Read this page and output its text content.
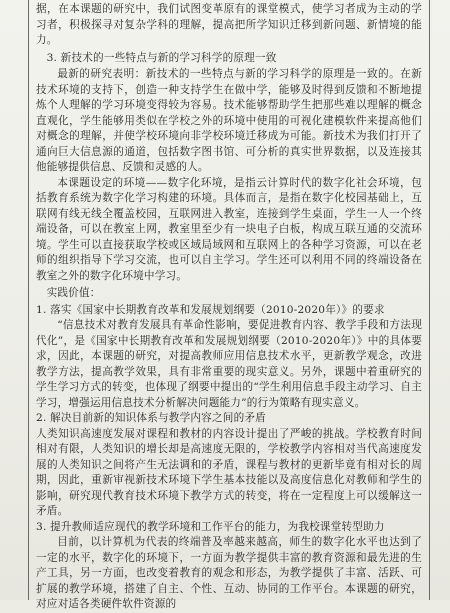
据，在本课题的研究中，我们试图变革原有的课堂模式，使学习者成为主动的学习者，积极探寻对复杂学科的理解，提高把所学知识迁移到新问题、新情境的能力。

3. 新技术的一些特点与新的学习科学的原理一致

最新的研究表明：新技术的一些特点与新的学习科学的原理是一致的。在新技术环境的支持下，创造一种支持学生在做中学，能够及时得到反馈和不断地提炼个人理解的学习环境变得较为容易。技术能够帮助学生把那些难以理解的概念直观化，学生能够用类似在学校之外的环境中使用的可视化建模软件来提高他们对概念的理解，并使学校环境向非学校环境迁移成为可能。新技术为我们打开了通向巨大信息源的通道，包括数字图书馆、可分析的真实世界数据，以及连接其他能够提供信息、反馈和灵感的人。

本课题设定的环境——数字化环境，是指云计算时代的数字化社会环境，包括教育系统为数字化学习构建的环境。具体而言，是指在数字化校园基础上，互联网有线无线全覆盖校园，互联网进入教室，连接到学生桌面，学生一人一个终端设备，可以在教室上网，教室里至少有一块电子白板，构成互联互通的交流环境。学生可以直接获取学校或区域局域网和互联网上的各种学习资源，可以在老师的组织指导下学习交流，也可以自主学习。学生还可以利用不同的终端设备在教室之外的数字化环境中学习。

实践价值：

1. 落实《国家中长期教育改革和发展规划纲要（2010-2020年）》的要求

“信息技术对教育发展具有革命性影响，要促进教育内容、教学手段和方法现代化”，是《国家中长期教育改革和发展规划纲要（2010-2020年）》中的具体要求，因此，本课题的研究，对提高教师应用信息技术水平，更新教学观念，改进教学方法，提高教学效果，具有非常重要的现实意义。另外，课题中着重研究的学生学习方式的转变，也体现了纲要中提出的“学生利用信息手段主动学习、自主学习，增强运用信息技术分析解决问题能力”的行为策略有现实意义。

2. 解决目前新的知识体系与教学内容之间的矛盾

人类知识高速度发展对课程和教材的内容设计提出了严峻的挑战。学校教育时间相对有限，人类知识的增长却是高速度无限的，学校教学内容相对当代高速度发展的人类知识之间将产生无法调和的矛盾，课程与教材的更新毕竟有相对长的周期，因此，重新审视新技术环境下学生基本技能以及高度信息化对教师和学生的影响，研究现代教育技术环境下教学方式的转变，将在一定程度上可以缓解这一矛盾。

3. 提升教师适应现代的教学环境和工作平台的能力，为我校课堂转型助力

目前，以计算机为代表的终端普及率越来越高，师生的数字化水平也达到了一定的水平，数字化的环境下，一方面为教学提供丰富的教育资源和最先进的生产工具，另一方面，也改变着教育的观念和形态，为教学提供了丰富、活跃、可扩展的教学环境，搭建了自主、个性、互动、协同的工作平台。本课题的研究，对应对适各类硬件软件资源的
